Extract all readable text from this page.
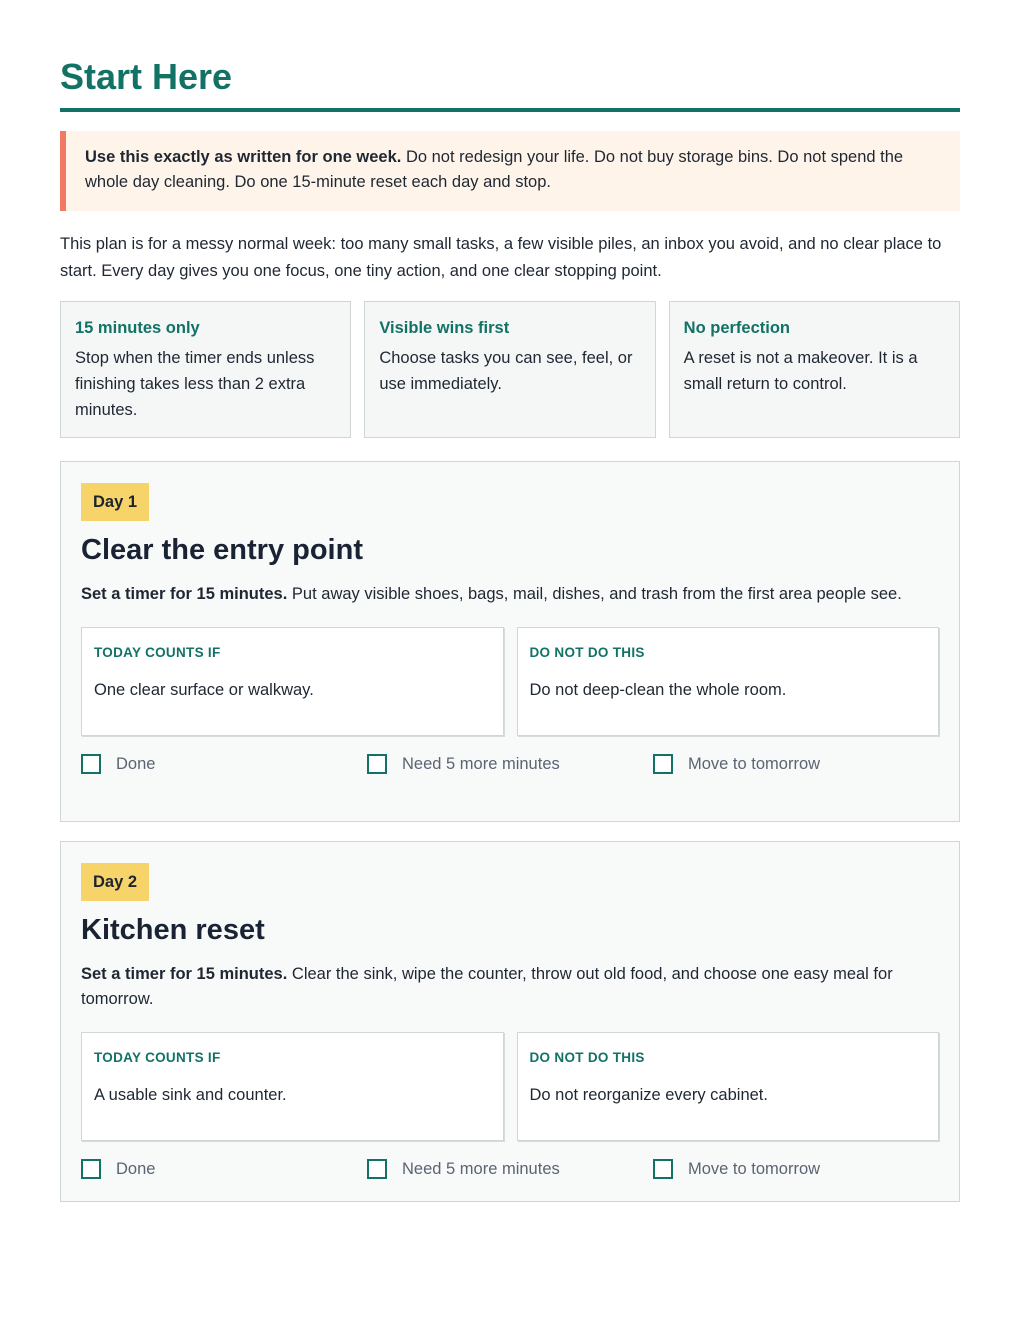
Start Here
Use this exactly as written for one week. Do not redesign your life. Do not buy storage bins. Do not spend the whole day cleaning. Do one 15-minute reset each day and stop.
This plan is for a messy normal week: too many small tasks, a few visible piles, an inbox you avoid, and no clear place to start. Every day gives you one focus, one tiny action, and one clear stopping point.
15 minutes only
Stop when the timer ends unless finishing takes less than 2 extra minutes.
Visible wins first
Choose tasks you can see, feel, or use immediately.
No perfection
A reset is not a makeover. It is a small return to control.
Day 1
Clear the entry point
Set a timer for 15 minutes. Put away visible shoes, bags, mail, dishes, and trash from the first area people see.
TODAY COUNTS IF
One clear surface or walkway.
DO NOT DO THIS
Do not deep-clean the whole room.
Done	Need 5 more minutes	Move to tomorrow
Day 2
Kitchen reset
Set a timer for 15 minutes. Clear the sink, wipe the counter, throw out old food, and choose one easy meal for tomorrow.
TODAY COUNTS IF
A usable sink and counter.
DO NOT DO THIS
Do not reorganize every cabinet.
Done	Need 5 more minutes	Move to tomorrow
